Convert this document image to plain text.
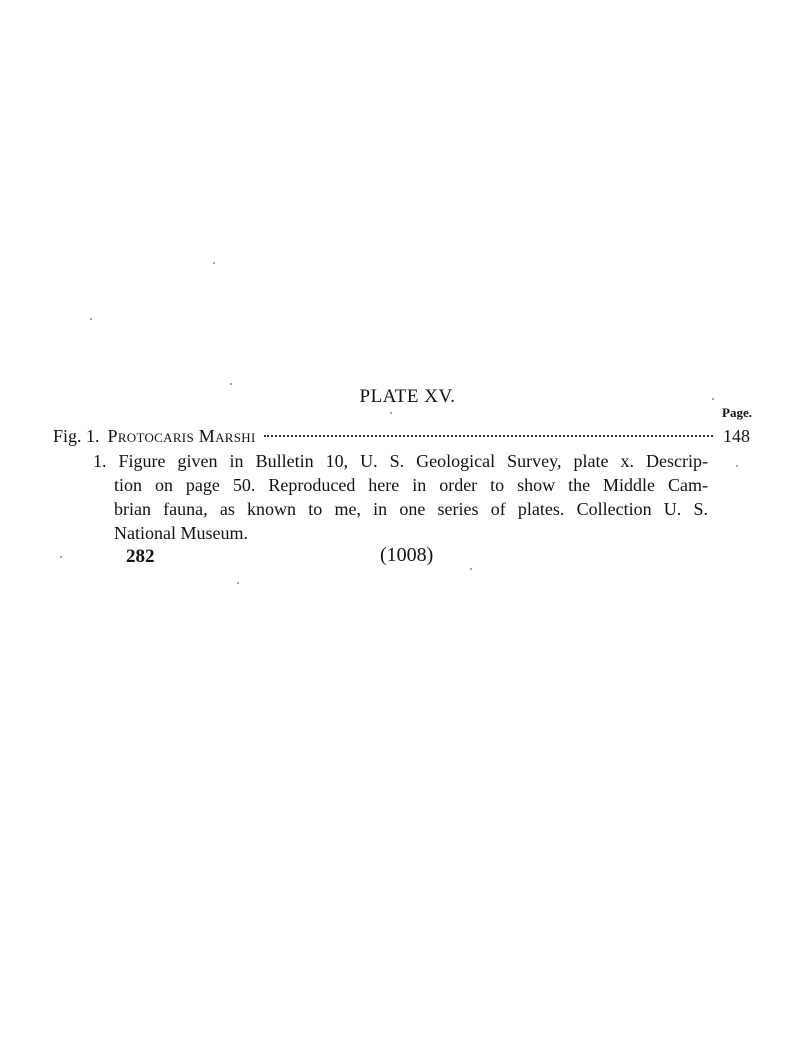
PLATE XV.
Page.
Fig. 1. Protocaris Marshi	148
1. Figure given in Bulletin 10, U. S. Geological Survey, plate x. Descrip-
tion on page 50. Reproduced here in order to show the Middle Cam-
brian fauna, as known to me, in one series of plates. Collection U. S.
National Museum.
282	(1008)
